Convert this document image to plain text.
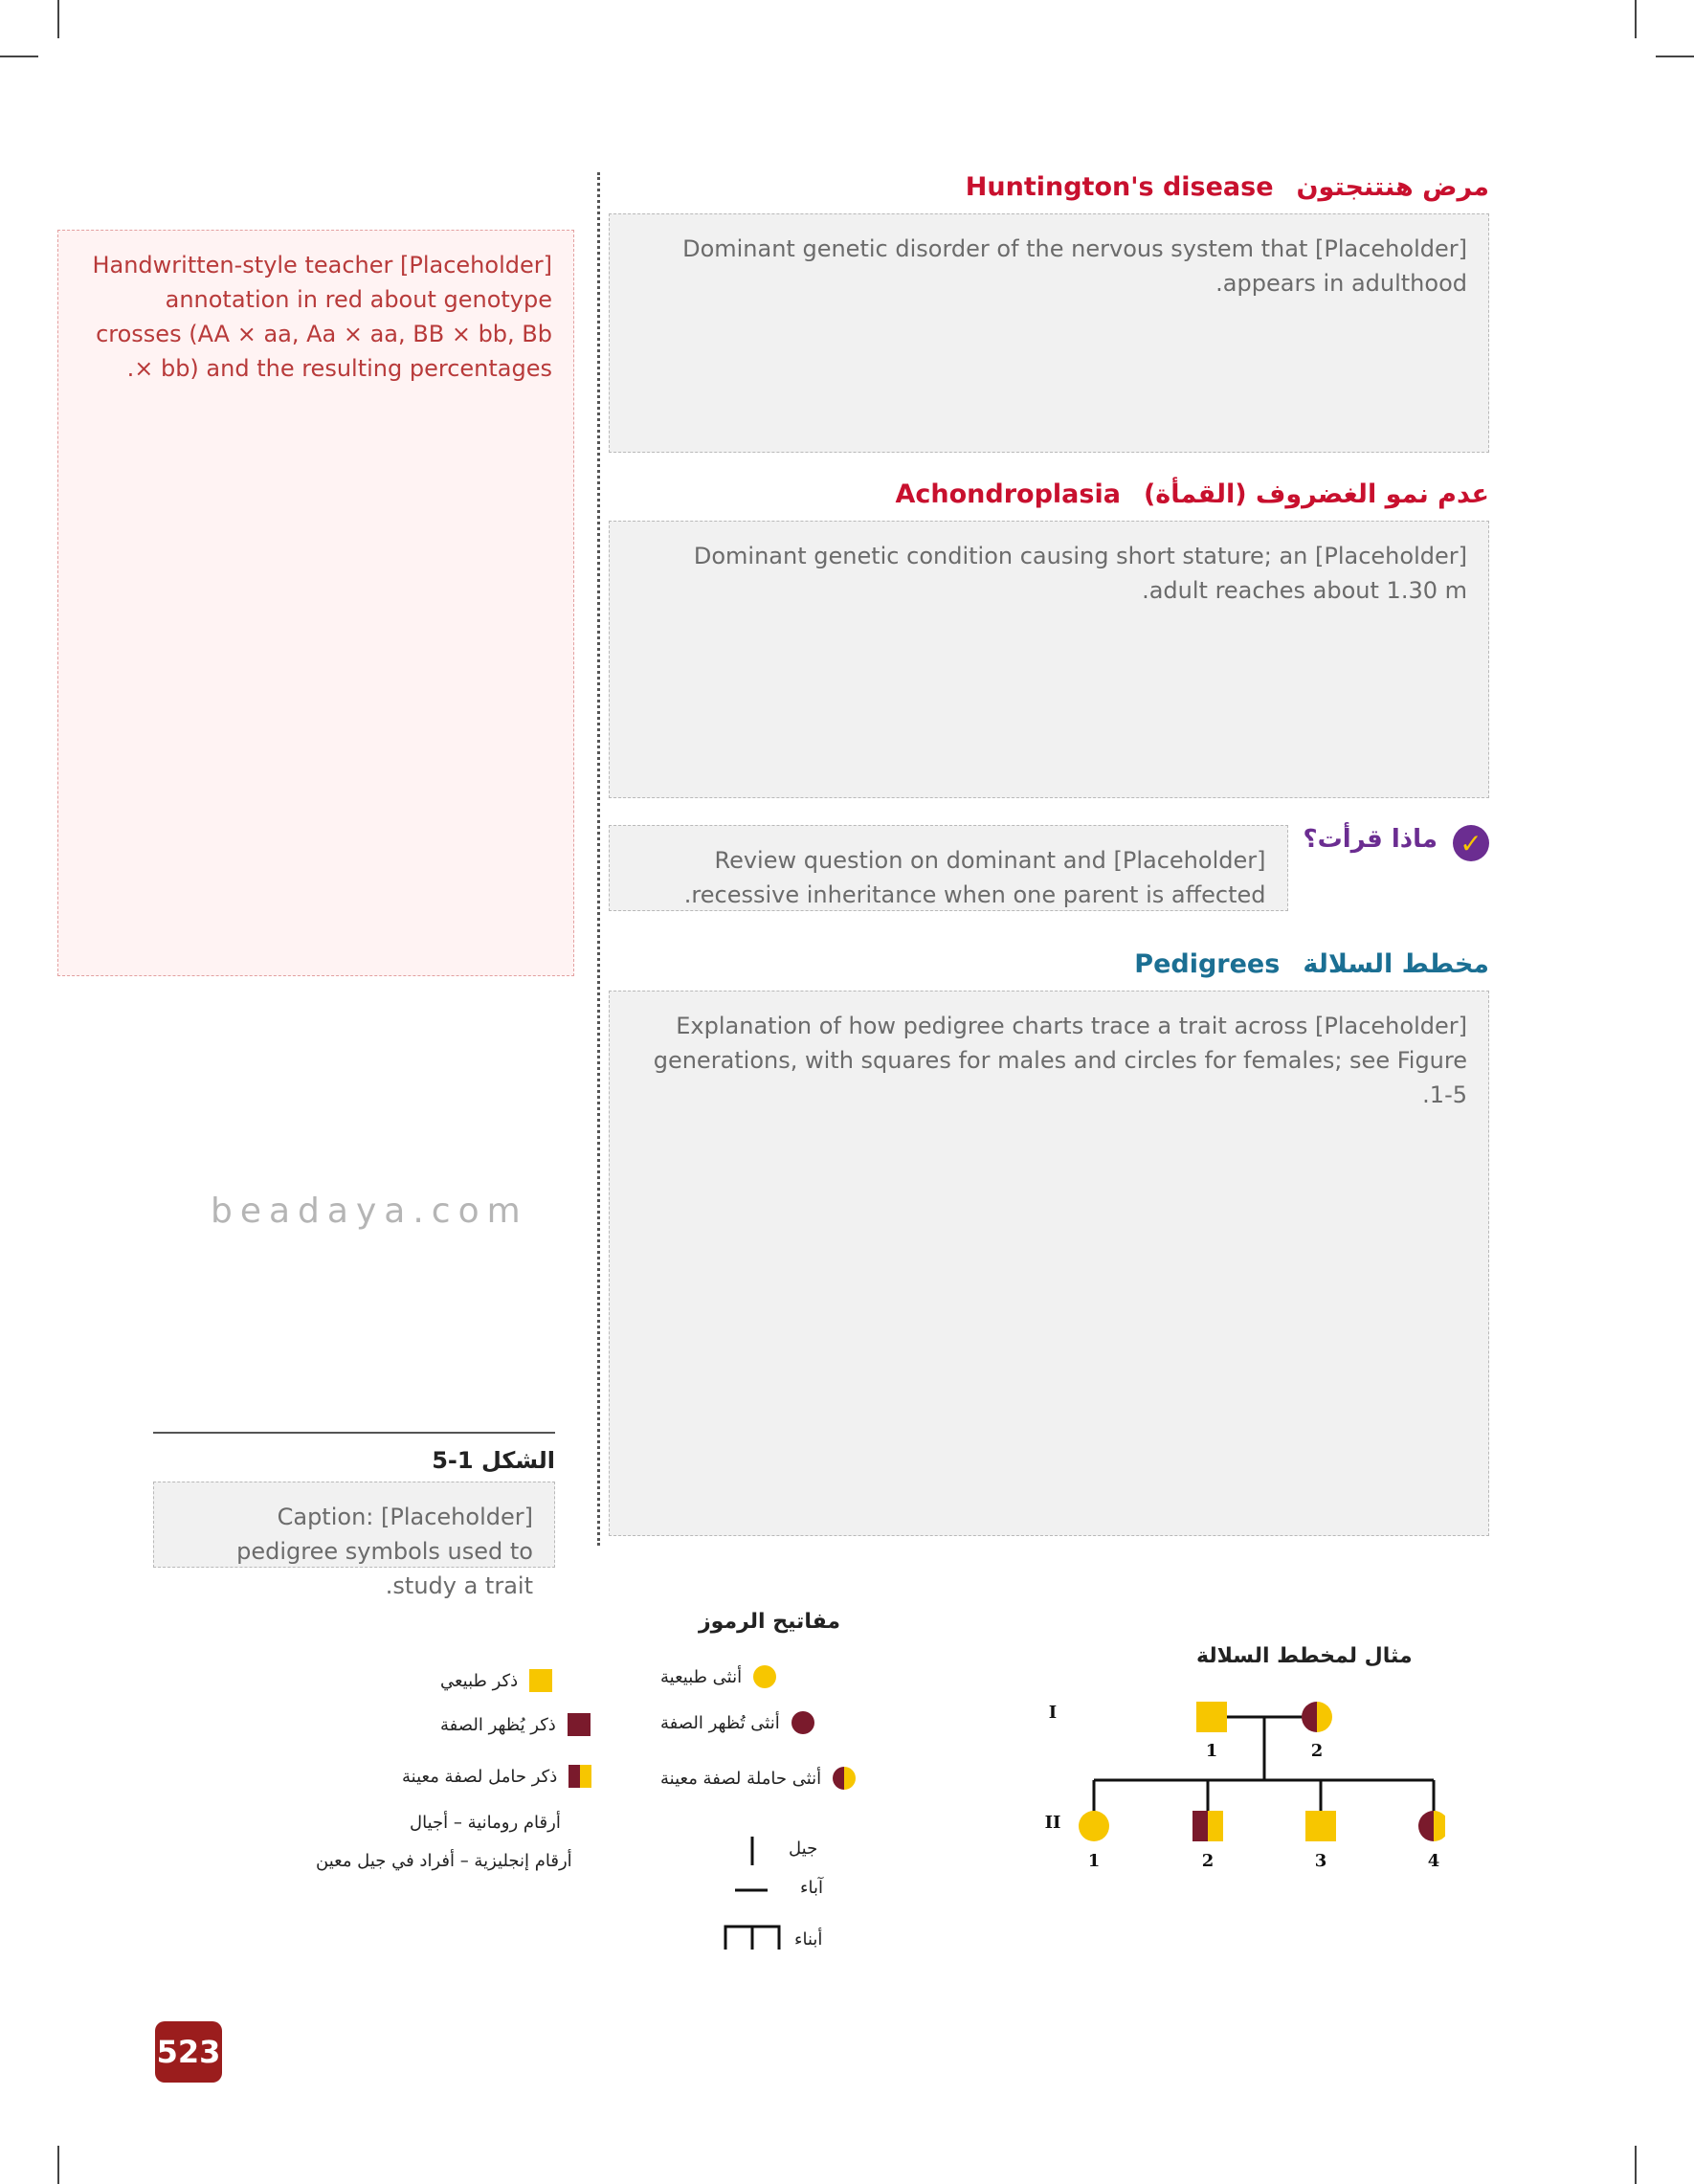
مرض هنتنجتون
Huntington's disease
[Placeholder] Dominant genetic disorder of the nervous system that appears in adulthood.
عدم نمو الغضروف (القمأة)
Achondroplasia
[Placeholder] Dominant genetic condition causing short stature; an adult reaches about 1.30 m.
✓
ماذا قرأت؟
[Placeholder] Review question on dominant and recessive inheritance when one parent is affected.
مخطط السلالة
Pedigrees
[Placeholder] Explanation of how pedigree charts trace a trait across generations, with squares for males and circles for females; see Figure 1-5.
[Placeholder] Handwritten-style teacher annotation in red about genotype crosses (AA × aa, Aa × aa, BB × bb, Bb × bb) and the resulting percentages.
beadaya.com
الشكل 1-5
[Placeholder] Caption: pedigree symbols used to study a trait.
مفاتيح الرموز
أنثى طبيعية
أنثى تُظهر الصفة
أنثى حاملة لصفة معينة
ذكر طبيعي
ذكر يُظهر الصفة
ذكر حامل لصفة معينة
أرقام رومانية – أجيال
أرقام إنجليزية – أفراد في جيل معين
جيل
آباء
أبناء
مثال لمخطط السلالة
I
II
1	2
1	2	3	4
523
